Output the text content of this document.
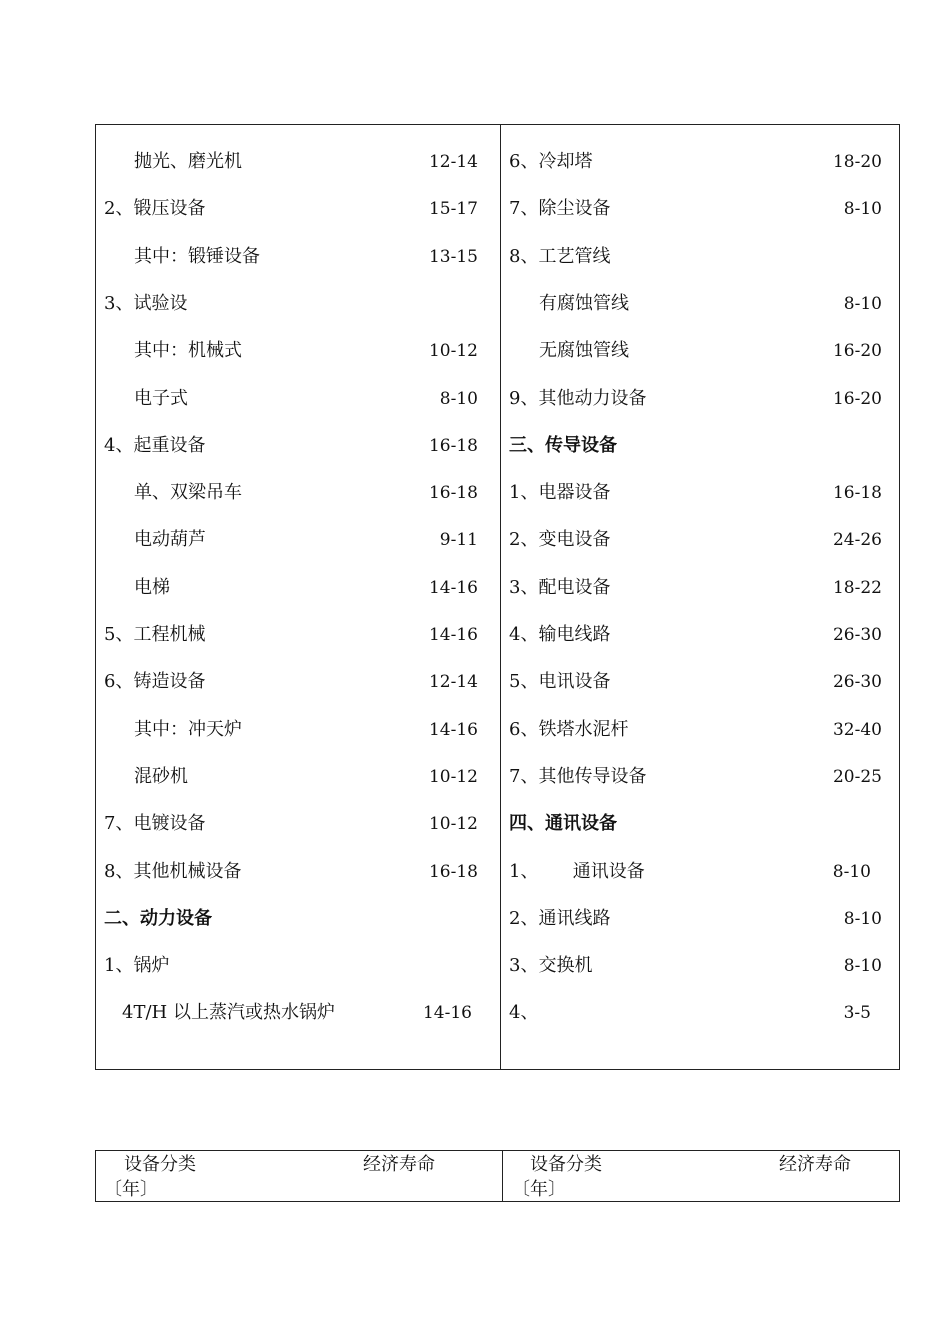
抛光、磨光机	12-14
2、锻压设备	15-17
其中：锻锤设备	13-15
3、试验设
其中：机械式	10-12
电子式	8-10
4、起重设备	16-18
单、双梁吊车	16-18
电动葫芦	9-11
电梯	14-16
5、工程机械	14-16
6、铸造设备	12-14
其中：冲天炉	14-16
混砂机	10-12
7、电镀设备	10-12
8、其他机械设备	16-18
二、动力设备
1、锅炉
4T/H 以上蒸汽或热水锅炉	14-16
6、冷却塔	18-20
7、除尘设备	8-10
8、工艺管线
有腐蚀管线	8-10
无腐蚀管线	16-20
9、其他动力设备	16-20
三、传导设备
1、电器设备	16-18
2、变电设备	24-26
3、配电设备	18-22
4、输电线路	26-30
5、电讯设备	26-30
6、铁塔水泥杆	32-40
7、其他传导设备	20-25
四、通讯设备
1、      通讯设备	8-10
2、通讯线路	8-10
3、交换机	8-10
4、	3-5
设备分类	经济寿命
〔年〕
设备分类	经济寿命
〔年〕
